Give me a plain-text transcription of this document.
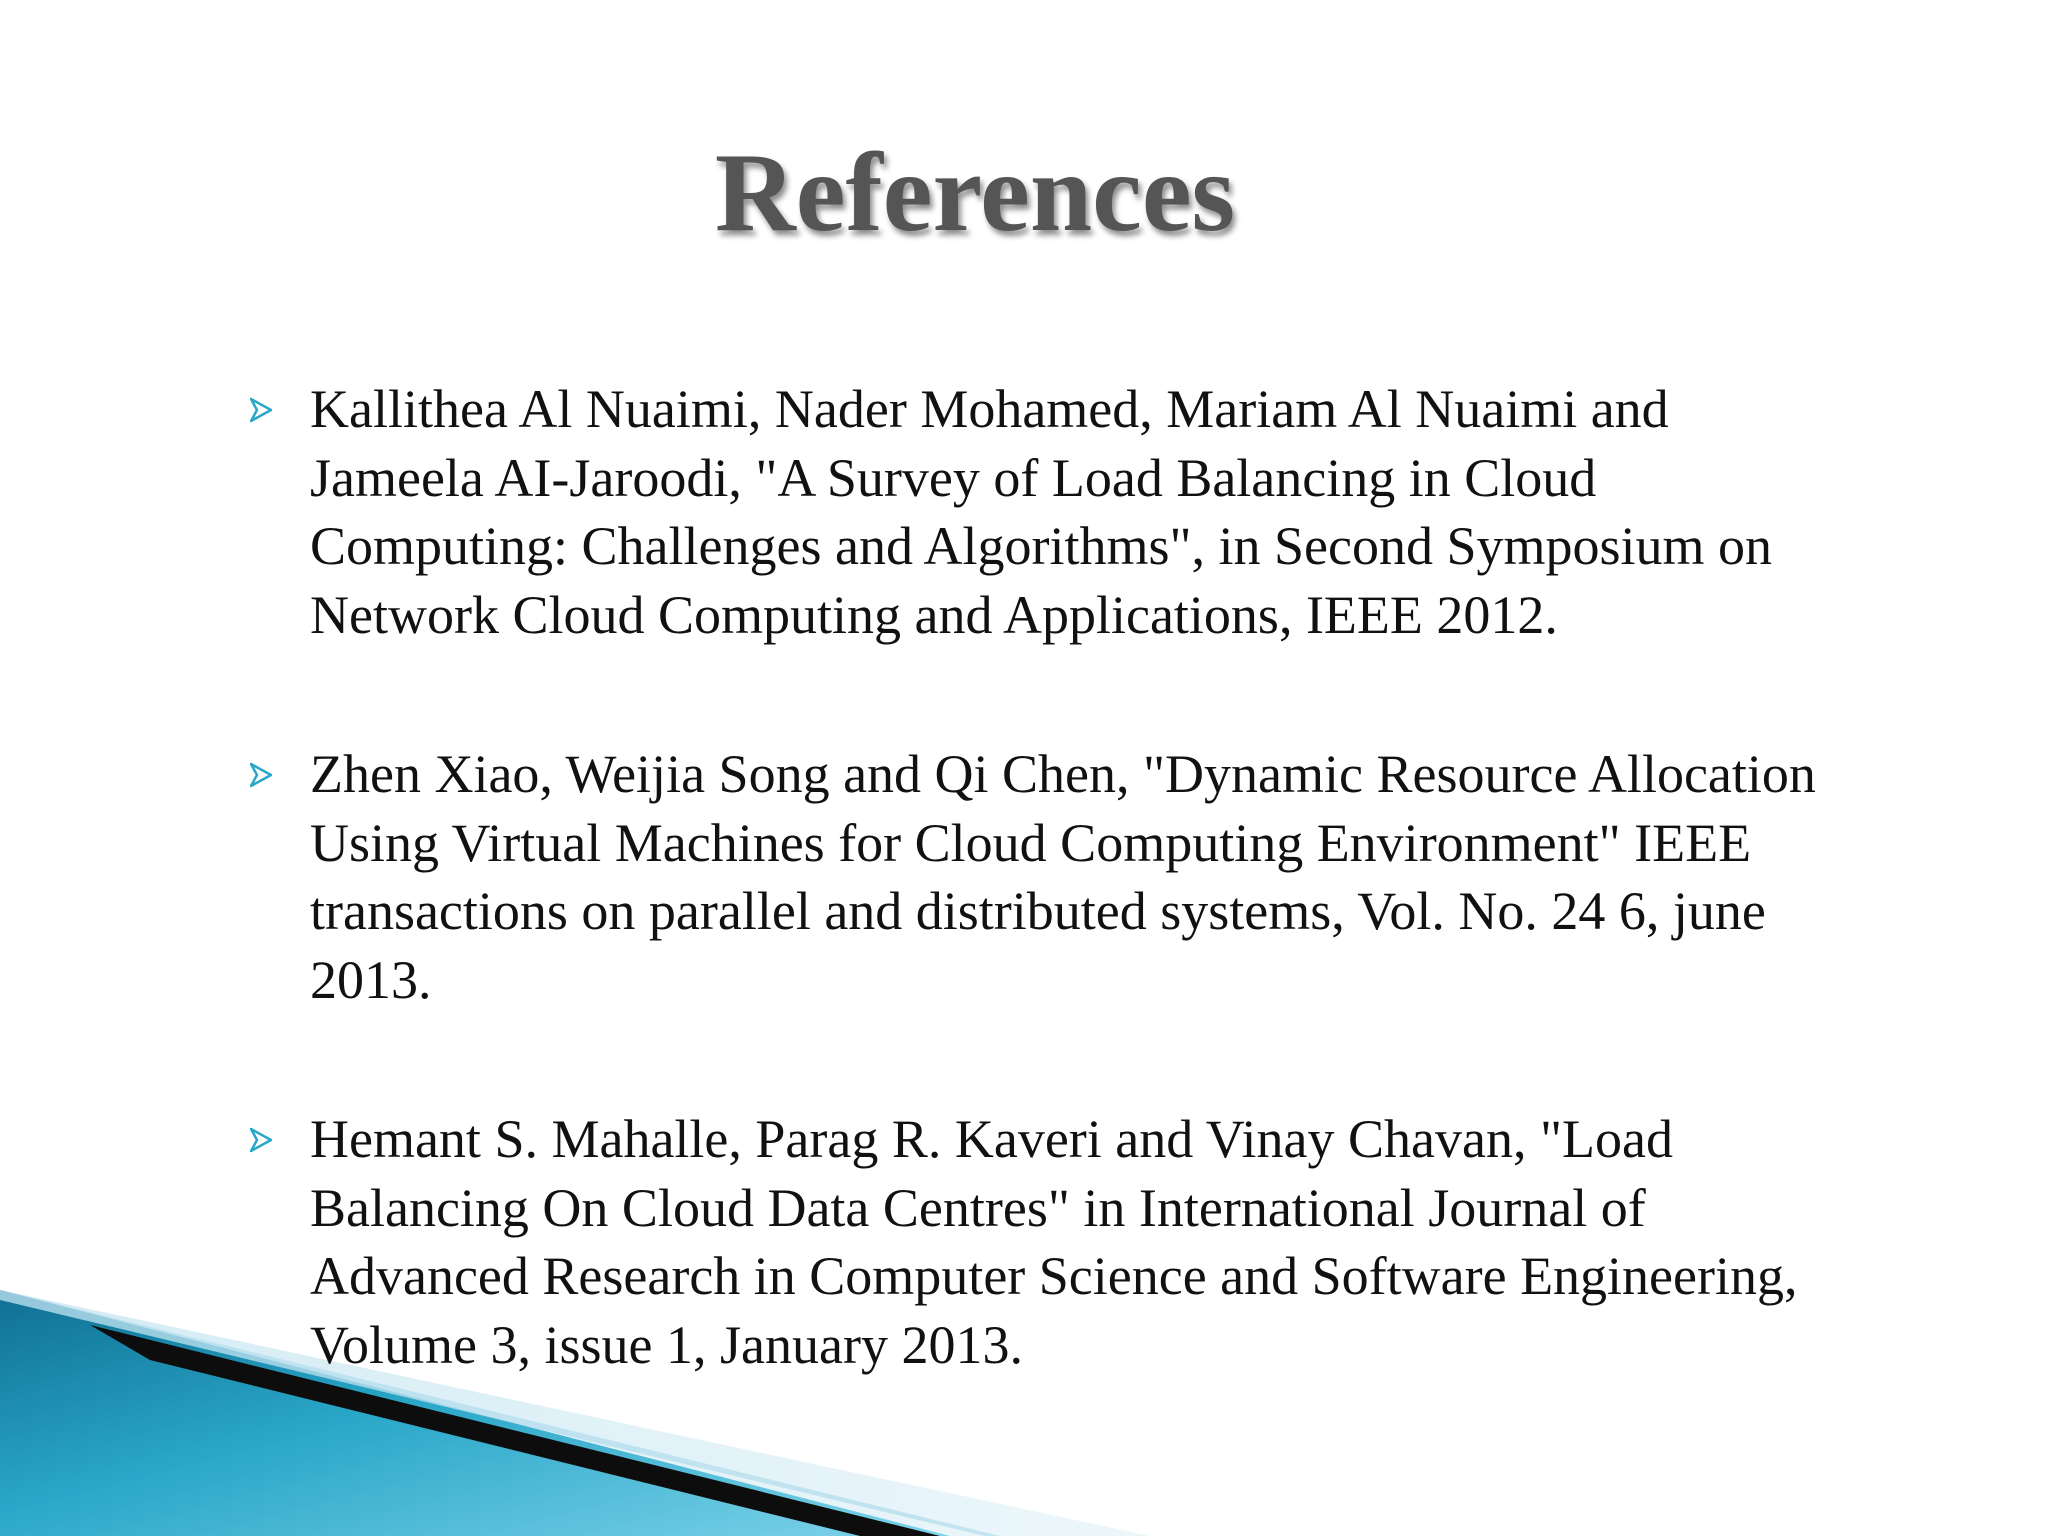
References
Kallithea Al Nuaimi, Nader Mohamed, Mariam Al Nuaimi and
Jameela AI-Jaroodi, "A Survey of Load Balancing in Cloud
Computing: Challenges and Algorithms", in Second Symposium on
Network Cloud Computing and Applications, IEEE 2012.
Zhen Xiao, Weijia Song and Qi Chen, "Dynamic Resource Allocation
Using Virtual Machines for Cloud Computing Environment" IEEE
transactions on parallel and distributed systems, Vol. No. 24 6, june
2013.
Hemant S. Mahalle, Parag R. Kaveri and Vinay Chavan, "Load
Balancing On Cloud Data Centres" in International Journal of
Advanced Research in Computer Science and Software Engineering,
Volume 3, issue 1, January 2013.
